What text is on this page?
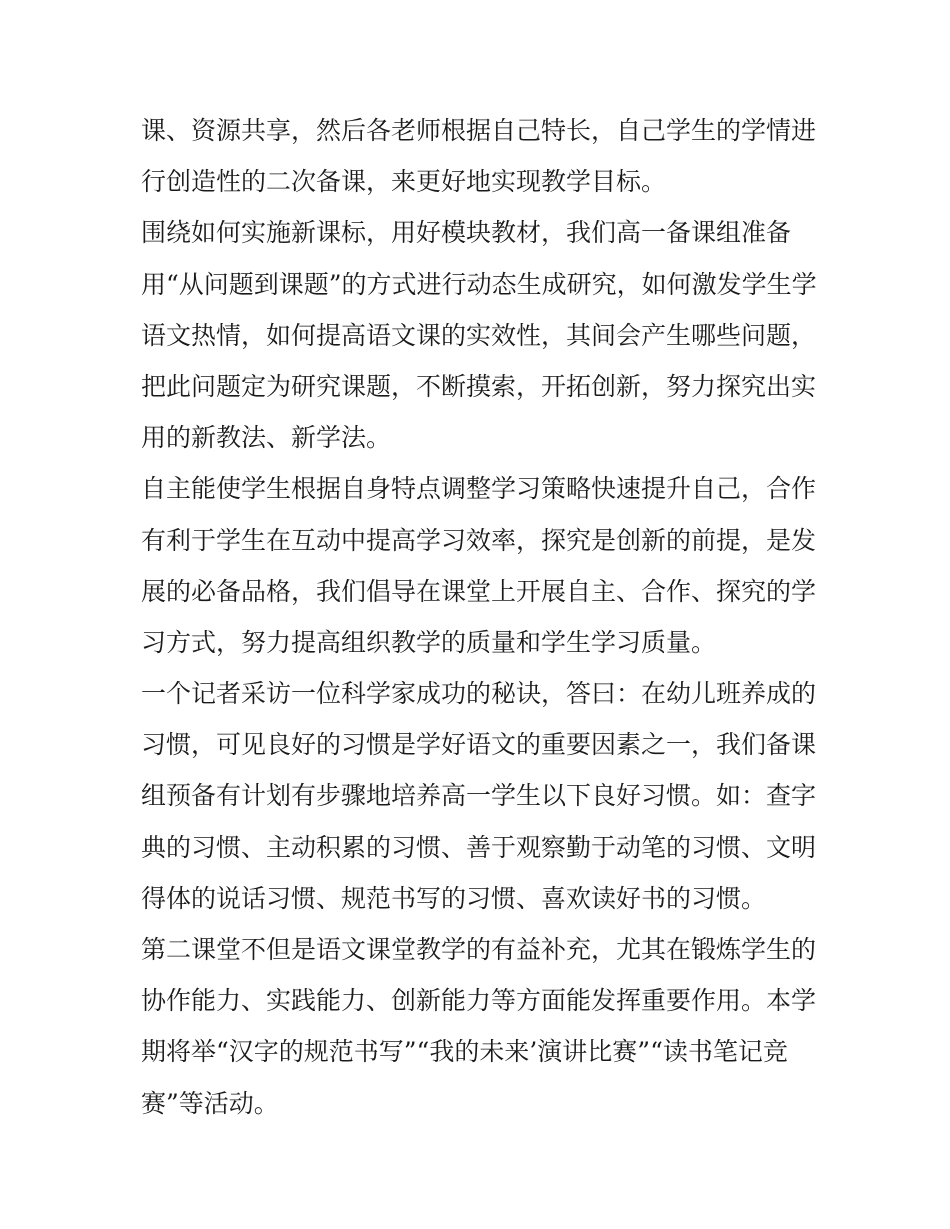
课、资源共享，然后各老师根据自己特长，自己学生的学情进
行创造性的二次备课，来更好地实现教学目标。
围绕如何实施新课标，用好模块教材，我们高一备课组准备
用“从问题到课题”的方式进行动态生成研究，如何激发学生学
语文热情，如何提高语文课的实效性，其间会产生哪些问题，
把此问题定为研究课题，不断摸索，开拓创新，努力探究出实
用的新教法、新学法。
自主能使学生根据自身特点调整学习策略快速提升自己，合作
有利于学生在互动中提高学习效率，探究是创新的前提，是发
展的必备品格，我们倡导在课堂上开展自主、合作、探究的学
习方式，努力提高组织教学的质量和学生学习质量。
一个记者采访一位科学家成功的秘诀，答曰：在幼儿班养成的
习惯，可见良好的习惯是学好语文的重要因素之一，我们备课
组预备有计划有步骤地培养高一学生以下良好习惯。如：查字
典的习惯、主动积累的习惯、善于观察勤于动笔的习惯、文明
得体的说话习惯、规范书写的习惯、喜欢读好书的习惯。
第二课堂不但是语文课堂教学的有益补充，尤其在锻炼学生的
协作能力、实践能力、创新能力等方面能发挥重要作用。本学
期将举“汉字的规范书写”“我的未来’演讲比赛”“读书笔记竞
赛”等活动。
